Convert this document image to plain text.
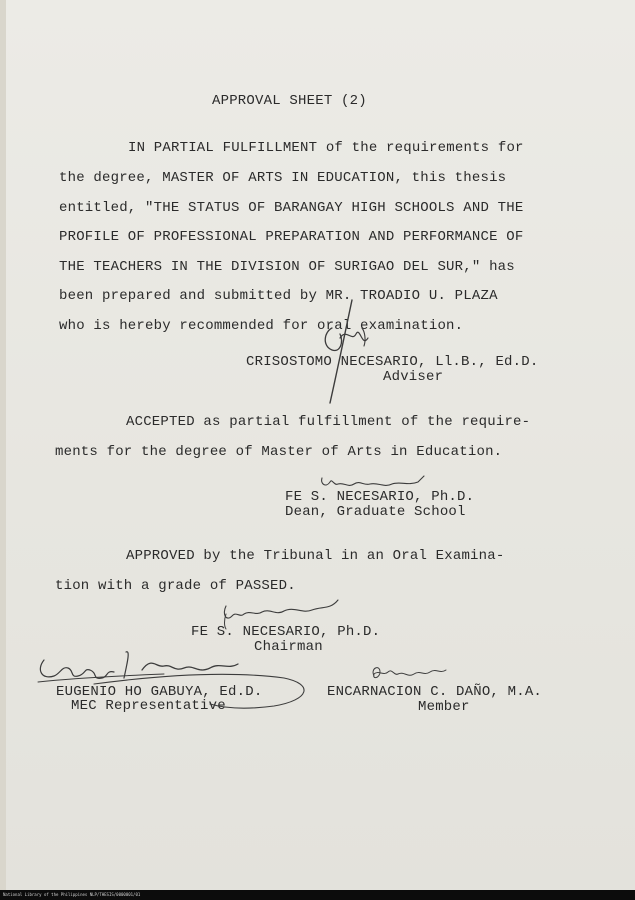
APPROVAL SHEET (2)
IN PARTIAL FULFILLMENT of the requirements for
the degree, MASTER OF ARTS IN EDUCATION, this thesis
entitled, "THE STATUS OF BARANGAY HIGH SCHOOLS AND THE
PROFILE OF PROFESSIONAL PREPARATION AND PERFORMANCE OF
THE TEACHERS IN THE DIVISION OF SURIGAO DEL SUR," has
been prepared and submitted by MR. TROADIO U. PLAZA
who is hereby recommended for oral examination.
CRISOSTOMO NECESARIO, Ll.B., Ed.D.
Adviser
ACCEPTED as partial fulfillment of the require-
ments for the degree of Master of Arts in Education.
FE S. NECESARIO, Ph.D.
Dean, Graduate School
APPROVED by the Tribunal in an Oral Examina-
tion with a grade of PASSED.
FE S. NECESARIO, Ph.D.
Chairman
EUGENIO HO GABUYA, Ed.D.
MEC Representative
ENCARNACION C. DAÑO, M.A.
Member
National Library of the Philippines NLP/THESIS/0000001/01
